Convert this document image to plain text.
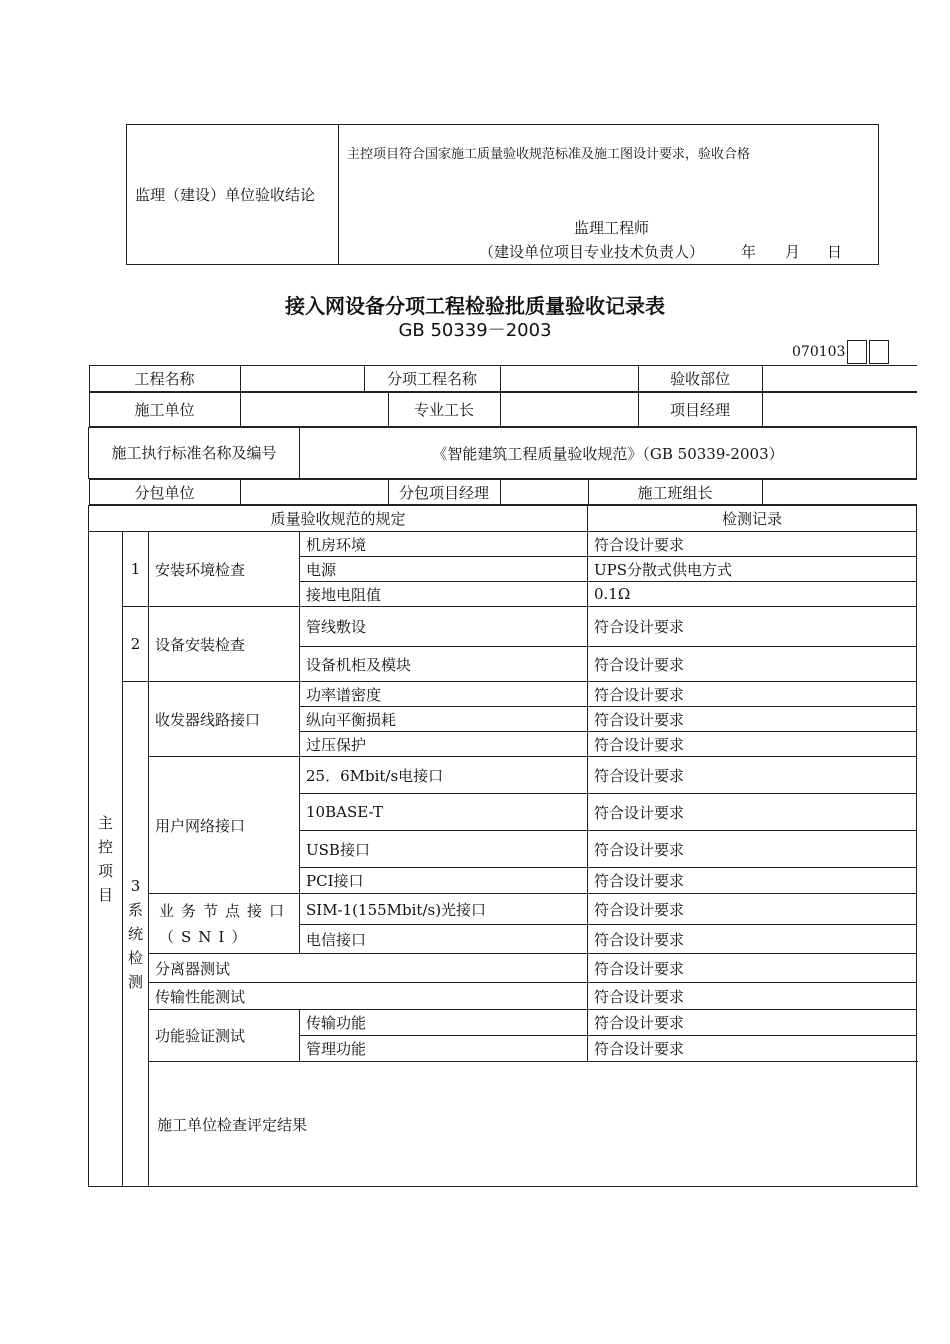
监理（建设）单位验收结论	
主控项目符合国家施工质量验收规范标准及施工图设计要求，验收合格
监理工程师
（建设单位项目专业技术负责人） 年 月 日
接入网设备分项工程检验批质量验收记录表
GB 50339－2003
070103
工程名称		分项工程名称		验收部位	

施工单位		专业工长		项目经理	

施工执行标准名称及编号	《智能建筑工程质量验收规范》（GB 50339-2003）

分包单位		分包项目经理		施工班组长	

质量验收规范的规定	检测记录

主控项目
	1	安装环境检查	机房环境	符合设计要求
电源	UPS分散式供电方式
接地电阻值	0.1Ω
2	设备安装检查	管线敷设	符合设计要求
设备机柜及模块	符合设计要求

3系统检测
	收发器线路接口	功率谱密度	符合设计要求
纵向平衡损耗	符合设计要求
过压保护	符合设计要求
用户网络接口	25．6Mbit/s电接口	符合设计要求
10BASE-T	符合设计要求
USB接口	符合设计要求
PCI接口	符合设计要求
业务节点接口（SNI）	SIM-1(155Mbit/s)光接口	符合设计要求
电信接口	符合设计要求
分离器测试	符合设计要求
传输性能测试	符合设计要求
功能验证测试	传输功能	符合设计要求
管理功能	符合设计要求
施工单位检查评定结果	
